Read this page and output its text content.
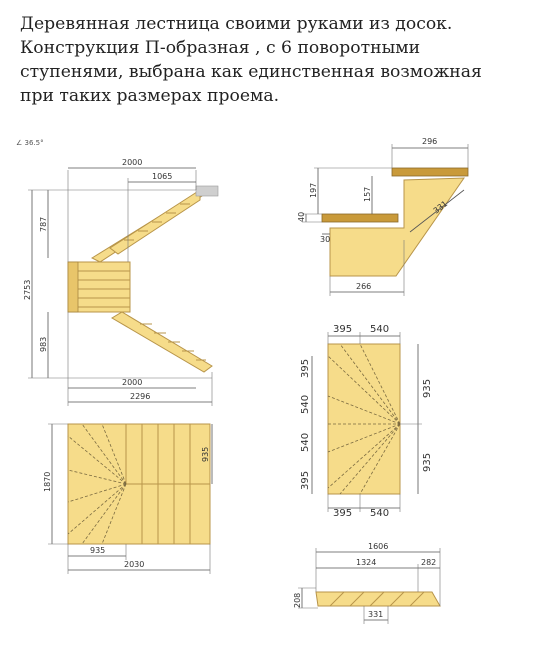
Деревянная лестница своими руками из досок.
Конструкция П-образная , с 6 поворотными
ступенями, выбрана как единственная возможная
при таких размерах проема.
∠ 36.5°
2000
1065
2000
2296
2753
787
983
296
197	157
40
30
331
266
395 540
395
540
540
395
935
935
395 540
1870
935
935
2030
1606
1324	282
208
331
